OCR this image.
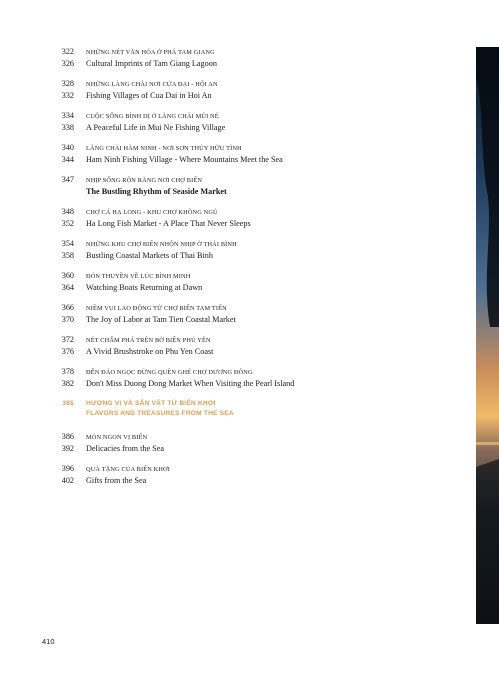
322 NHỮNG NÉT VĂN HÓA Ở PHÁ TAM GIANG
326 Cultural Imprints of Tam Giang Lagoon
328 NHỮNG LÀNG CHÀI NƠI CỬA ĐẠI - HỘI AN
332 Fishing Villages of Cua Dai in Hoi An
334 CUỘC SỐNG BÌNH DỊ Ở LÀNG CHÀI MŨI NÉ
338 A Peaceful Life in Mui Ne Fishing Village
340 LÀNG CHÀI HÀM NINH - NƠI SƠN THỦY HỮU TÌNH
344 Ham Ninh Fishing Village - Where Mountains Meet the Sea
347 NHỊP SỐNG RỘN RÀNG NƠI CHỢ BIỂN
The Bustling Rhythm of Seaside Market
348 CHỢ CÁ HẠ LONG - KHU CHỢ KHÔNG NGỦ
352 Ha Long Fish Market - A Place That Never Sleeps
354 NHỮNG KHU CHỢ BIỂN NHỘN NHỊP Ở THÁI BÌNH
358 Bustling Coastal Markets of Thai Binh
360 ĐÓN THUYỀN VỀ LÚC BÌNH MINH
364 Watching Boats Returning at Dawn
366 NIỀM VUI LAO ĐỘNG TỪ CHỢ BIỂN TAM TIẾN
370 The Joy of Labor at Tam Tien Coastal Market
372 NÉT CHẤM PHÁ TRÊN BỜ BIỂN PHÚ YÊN
376 A Vivid Brushstroke on Phu Yen Coast
378 ĐẾN ĐẢO NGỌC ĐỪNG QUÊN GHÉ CHỢ DƯƠNG ĐÔNG
382 Don't Miss Duong Dong Market When Visiting the Pearl Island
385 HƯƠNG VỊ VÀ SẢN VẬT TỪ BIỂN KHƠI
FLAVORS AND TREASURES FROM THE SEA
386 MÓN NGON VỊ BIỂN
392 Delicacies from the Sea
396 QUÀ TẶNG CỦA BIỂN KHƠI
402 Gifts from the Sea
410
